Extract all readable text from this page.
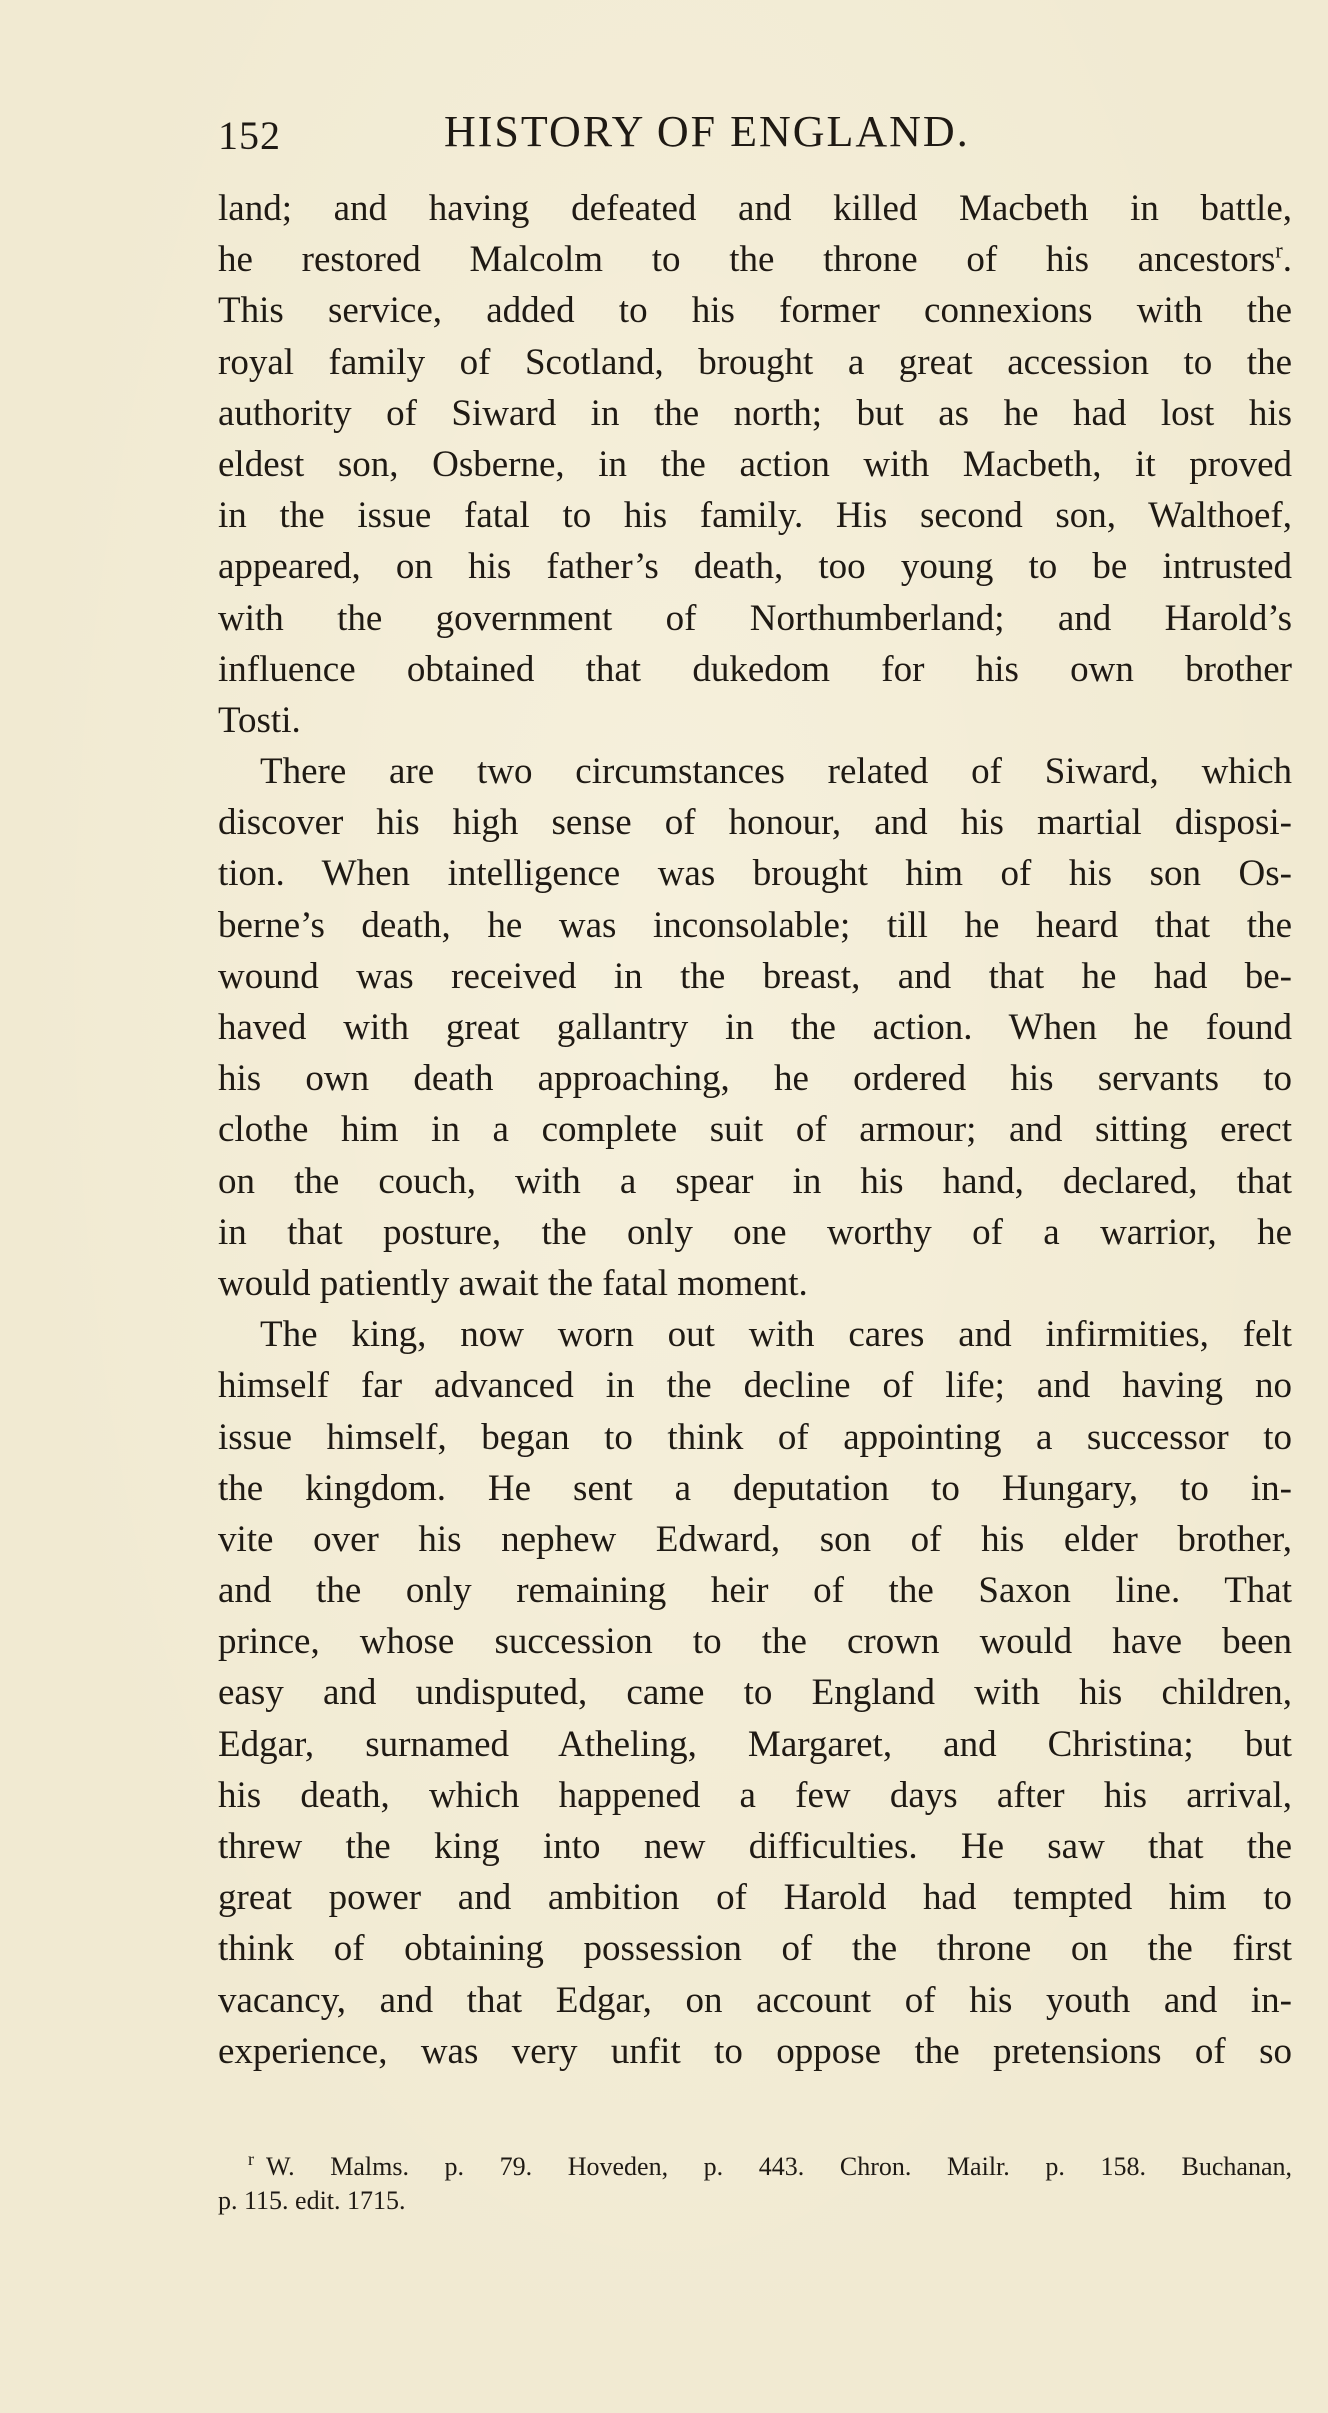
152	HISTORY OF ENGLAND.
land; and having defeated and killed Macbeth in battle,
he restored Malcolm to the throne of his ancestors$^r$.
This service, added to his former connexions with the
royal family of Scotland, brought a great accession to the
authority of Siward in the north; but as he had lost his
eldest son, Osberne, in the action with Macbeth, it proved
in the issue fatal to his family. His second son, Walthoef,
appeared, on his father’s death, too young to be intrusted
with the government of Northumberland; and Harold’s
influence obtained that dukedom for his own brother
Tosti.
There are two circumstances related of Siward, which
discover his high sense of honour, and his martial disposi-
tion. When intelligence was brought him of his son Os-
berne’s death, he was inconsolable; till he heard that the
wound was received in the breast, and that he had be-
haved with great gallantry in the action. When he found
his own death approaching, he ordered his servants to
clothe him in a complete suit of armour; and sitting erect
on the couch, with a spear in his hand, declared, that
in that posture, the only one worthy of a warrior, he
would patiently await the fatal moment.
The king, now worn out with cares and infirmities, felt
himself far advanced in the decline of life; and having no
issue himself, began to think of appointing a successor to
the kingdom. He sent a deputation to Hungary, to in-
vite over his nephew Edward, son of his elder brother,
and the only remaining heir of the Saxon line. That
prince, whose succession to the crown would have been
easy and undisputed, came to England with his children,
Edgar, surnamed Atheling, Margaret, and Christina; but
his death, which happened a few days after his arrival,
threw the king into new difficulties. He saw that the
great power and ambition of Harold had tempted him to
think of obtaining possession of the throne on the first
vacancy, and that Edgar, on account of his youth and in-
experience, was very unfit to oppose the pretensions of so
$^r$ W. Malms. p. 79. Hoveden, p. 443. Chron. Mailr. p. 158. Buchanan,
p. 115. edit. 1715.
